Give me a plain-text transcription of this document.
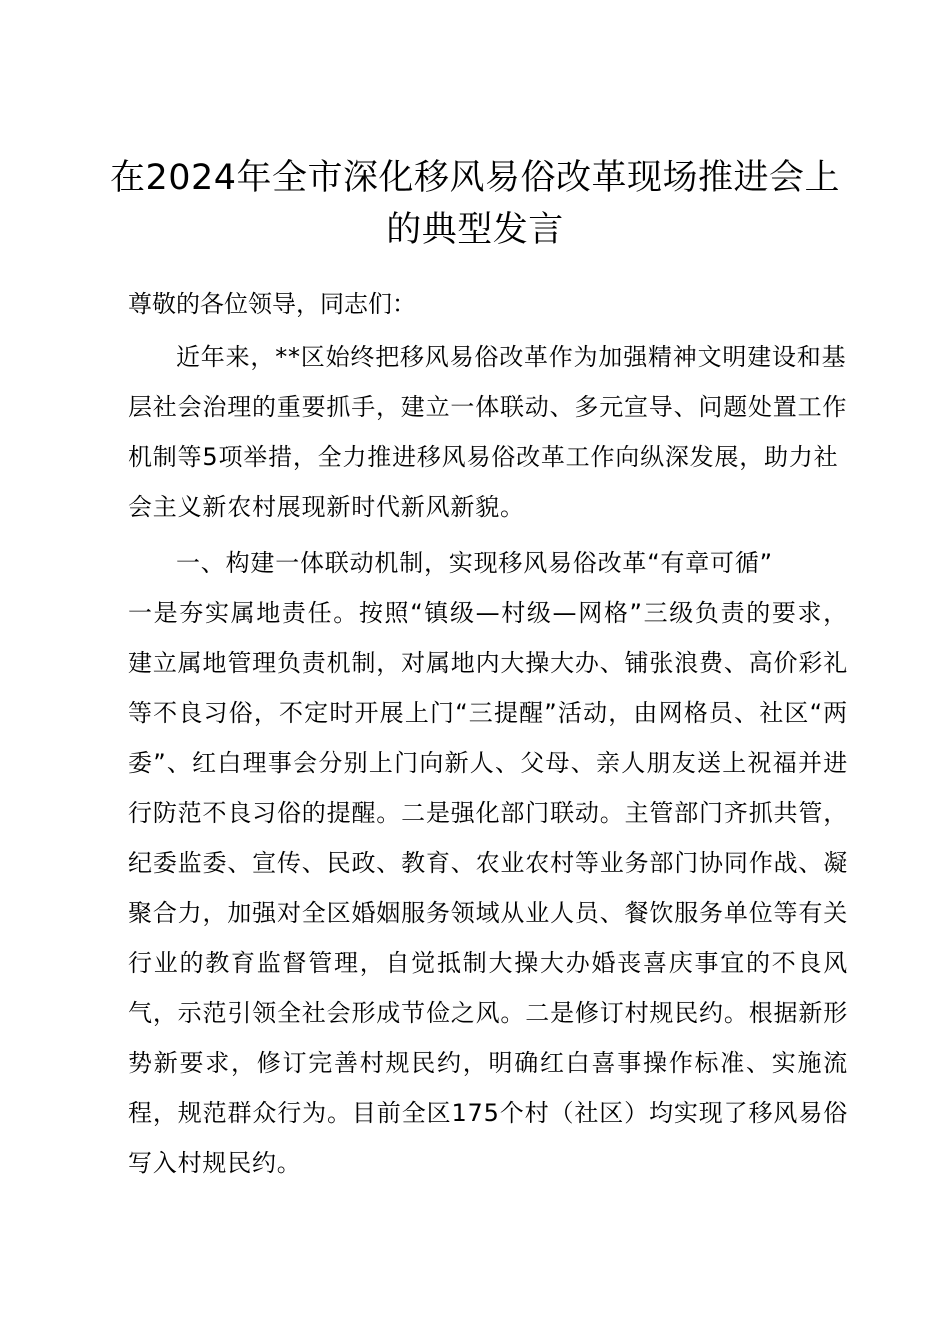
在2024年全市深化移风易俗改革现场推进会上的典型发言

尊敬的各位领导，同志们：

近年来，**区始终把移风易俗改革作为加强精神文明建设和基层社会治理的重要抓手，建立一体联动、多元宣导、问题处置工作机制等5项举措，全力推进移风易俗改革工作向纵深发展，助力社会主义新农村展现新时代新风新貌。

一、构建一体联动机制，实现移风易俗改革“有章可循”

一是夯实属地责任。按照“镇级—村级—网格”三级负责的要求，建立属地管理负责机制，对属地内大操大办、铺张浪费、高价彩礼等不良习俗，不定时开展上门“三提醒”活动，由网格员、社区“两委”、红白理事会分别上门向新人、父母、亲人朋友送上祝福并进行防范不良习俗的提醒。二是强化部门联动。主管部门齐抓共管，纪委监委、宣传、民政、教育、农业农村等业务部门协同作战、凝聚合力，加强对全区婚姻服务领域从业人员、餐饮服务单位等有关行业的教育监督管理，自觉抵制大操大办婚丧喜庆事宜的不良风气，示范引领全社会形成节俭之风。二是修订村规民约。根据新形势新要求，修订完善村规民约，明确红白喜事操作标准、实施流程，规范群众行为。目前全区175个村（社区）均实现了移风易俗写入村规民约。
